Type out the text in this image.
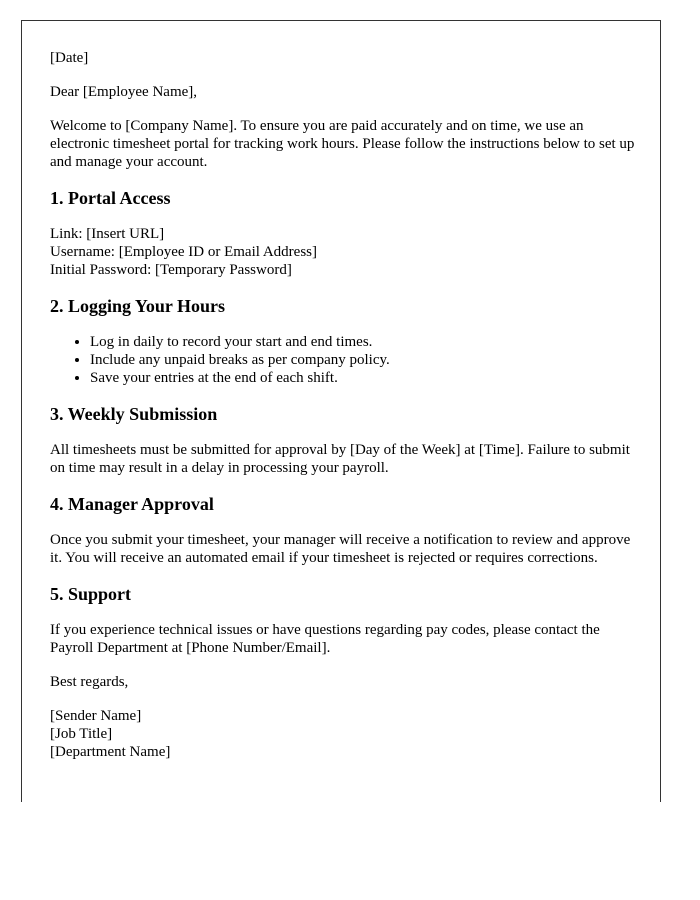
[Date]

Dear [Employee Name],

Welcome to [Company Name]. To ensure you are paid accurately and on time, we use an electronic timesheet portal for tracking work hours. Please follow the instructions below to set up and manage your account.

1. Portal Access

Link: [Insert URL]
Username: [Employee ID or Email Address]
Initial Password: [Temporary Password]

2. Logging Your Hours
• Log in daily to record your start and end times.
• Include any unpaid breaks as per company policy.
• Save your entries at the end of each shift.
3. Weekly Submission

All timesheets must be submitted for approval by [Day of the Week] at [Time]. Failure to submit on time may result in a delay in processing your payroll.

4. Manager Approval

Once you submit your timesheet, your manager will receive a notification to review and approve it. You will receive an automated email if your timesheet is rejected or requires corrections.

5. Support

If you experience technical issues or have questions regarding pay codes, please contact the Payroll Department at [Phone Number/Email].

Best regards,

[Sender Name]
[Job Title]
[Department Name]
